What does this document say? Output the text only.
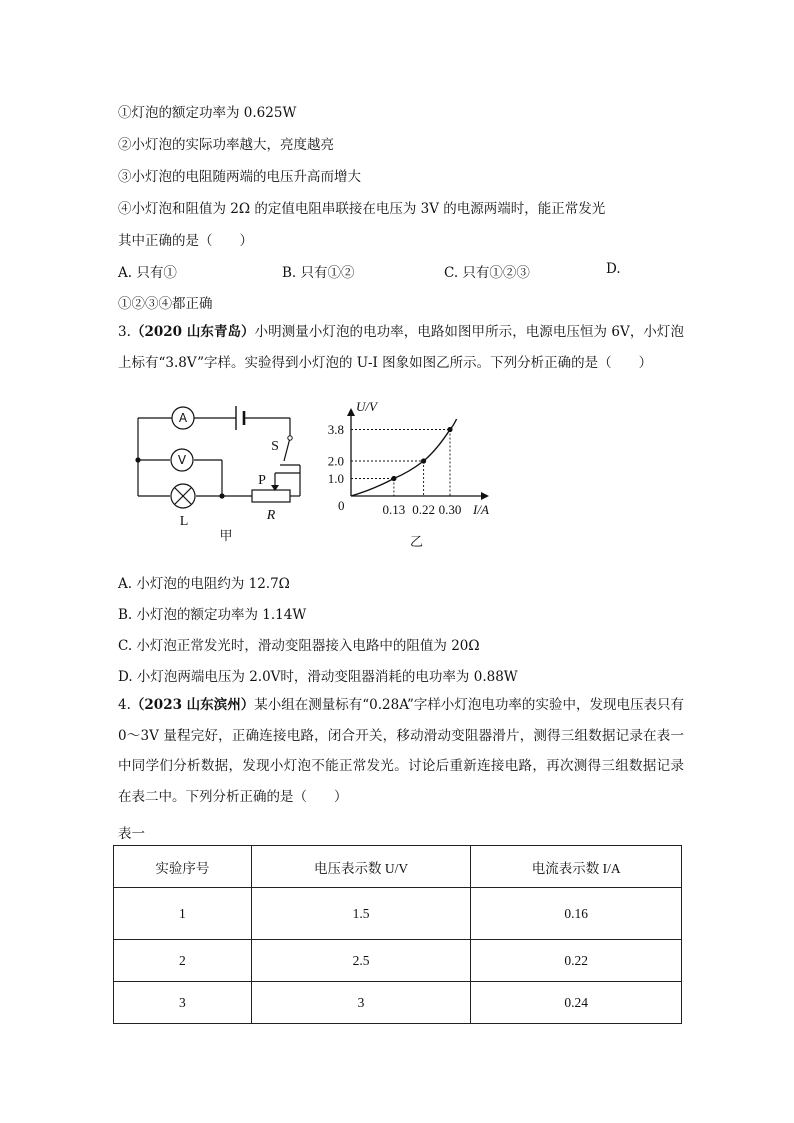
①灯泡的额定功率为 0.625W
②小灯泡的实际功率越大，亮度越亮
③小灯泡的电阻随两端的电压升高而增大
④小灯泡和阻值为 2Ω 的定值电阻串联接在电压为 3V 的电源两端时，能正常发光
其中正确的是（　　）
A. 只有①	B. 只有①②	C. 只有①②③	D.
①②③④都正确
3.（2020 山东青岛）小明测量小灯泡的电功率，电路如图甲所示，电源电压恒为 6V，小灯泡上标有“3.8V”字样。实验得到小灯泡的 U-I 图象如图乙所示。下列分析正确的是（　　）
A
V
S
P
L	R
甲
U/V
I/A
0
乙
1.0
2.0
3.8
0.13 0.22 0.30
A. 小灯泡的电阻约为 12.7Ω
B. 小灯泡的额定功率为 1.14W
C. 小灯泡正常发光时，滑动变阻器接入电路中的阻值为 20Ω
D. 小灯泡两端电压为 2.0V时，滑动变阻器消耗的电功率为 0.88W
4.（2023 山东滨州）某小组在测量标有“0.28A”字样小灯泡电功率的实验中，发现电压表只有 0～3V 量程完好，正确连接电路，闭合开关，移动滑动变阻器滑片，测得三组数据记录在表一中同学们分析数据，发现小灯泡不能正常发光。讨论后重新连接电路，再次测得三组数据记录在表二中。下列分析正确的是（　　）
表一
实验序号	电压表示数 U/V	电流表示数 I/A
1	1.5	0.16
2	2.5	0.22
3	3	0.24
